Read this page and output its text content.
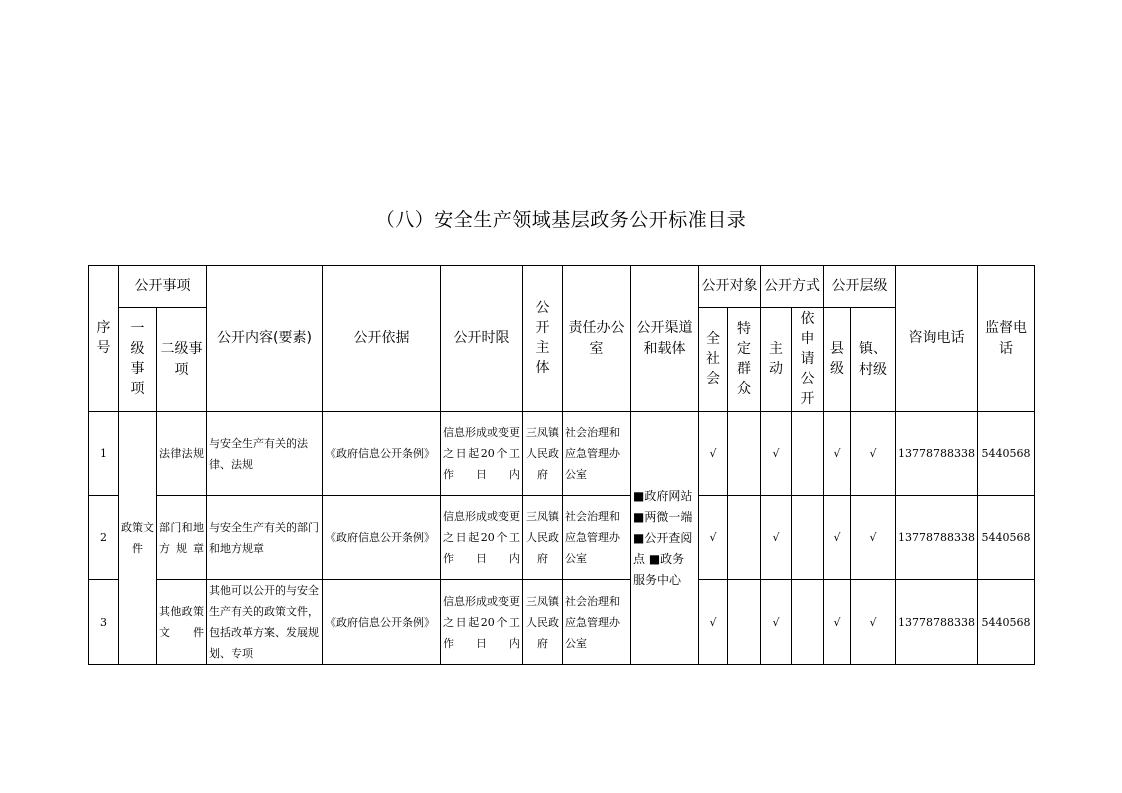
（八）安全生产领域基层政务公开标准目录
序号	公开事项		公开内容(要素)	公开依据	公开时限	公开主体	责任办公室	公开渠道和载体	公开对象		公开方式		公开层级		咨询电话	监督电话
	一级事项	二级事项							全社会	特定群众	主动	依申请公开	县级	镇、村级		
1	政策文件	法律法规	与安全生产有关的法律、法规	《政府信息公开条例》	信息形成或变更之日起20个工作日内	三凤镇人民政府	社会治理和应急管理办公室	■政府网站 ■两微一端■公开查阅点 ■政务服务中心	√		√		√	√	13778788338	5440568
2		部门和地方规章	与安全生产有关的部门和地方规章	《政府信息公开条例》	信息形成或变更之日起20个工作日内	三凤镇人民政府	社会治理和应急管理办公室		√		√		√	√	13778788338	5440568
3		其他政策文件	其他可以公开的与安全生产有关的政策文件，包括改革方案、发展规划、专项	《政府信息公开条例》	信息形成或变更之日起20个工作日内	三凤镇人民政府	社会治理和应急管理办公室		√		√		√	√	13778788338	5440568
